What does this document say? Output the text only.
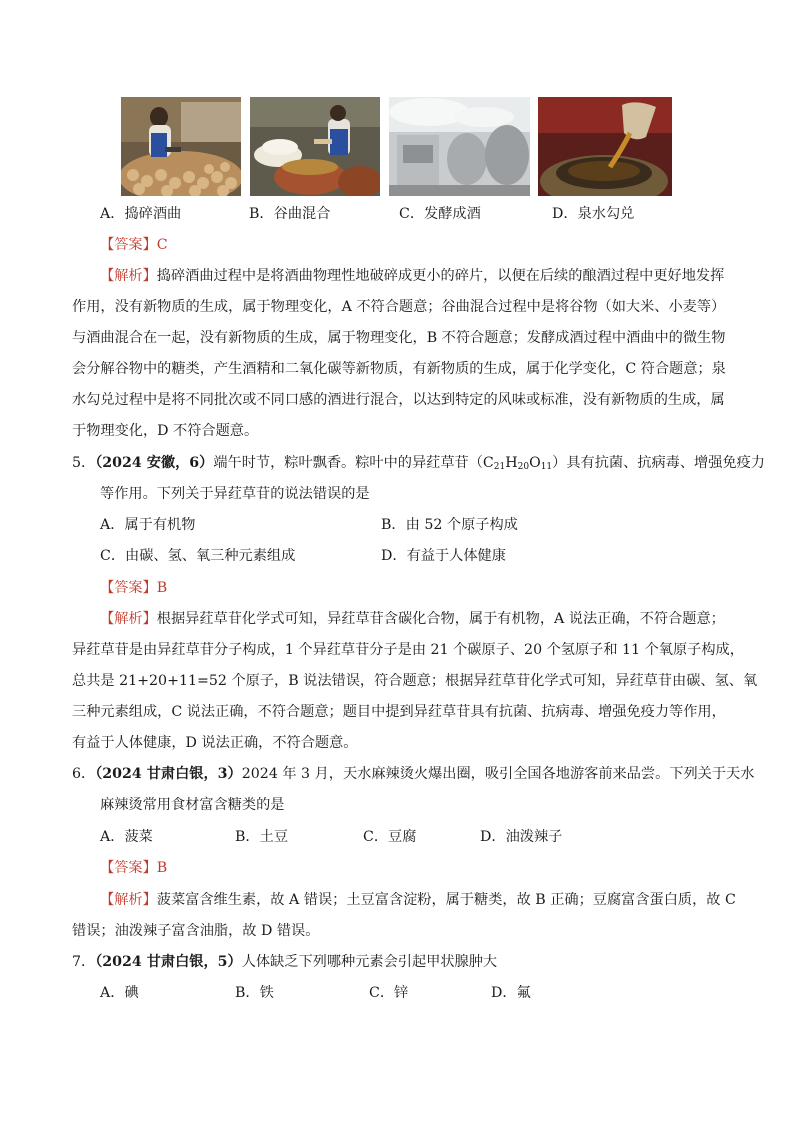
A．捣碎酒曲	B．谷曲混合	C．发酵成酒	D．泉水勾兑
【答案】C
【解析】捣碎酒曲过程中是将酒曲物理性地破碎成更小的碎片，以便在后续的酿酒过程中更好地发挥
作用，没有新物质的生成，属于物理变化，A 不符合题意；谷曲混合过程中是将谷物（如大米、小麦等）
与酒曲混合在一起，没有新物质的生成，属于物理变化，B 不符合题意；发酵成酒过程中酒曲中的微生物
会分解谷物中的糖类，产生酒精和二氧化碳等新物质，有新物质的生成，属于化学变化，C 符合题意；泉
水勾兑过程中是将不同批次或不同口感的酒进行混合，以达到特定的风味或标准，没有新物质的生成，属
于物理变化，D 不符合题意。
5．（2024 安徽，6）端午时节，粽叶飘香。粽叶中的异荭草苷$(C_{21}H_{20}O_{11})$具有抗菌、抗病毒、增强免疫力
等作用。下列关于异荭草苷的说法错误的是
A．属于有机物	B．由 52 个原子构成
C．由碳、氢、氧三种元素组成	D．有益于人体健康
【答案】B
【解析】根据异荭草苷化学式可知，异荭草苷含碳化合物，属于有机物，A 说法正确，不符合题意；
异荭草苷是由异荭草苷分子构成，1 个异荭草苷分子是由 21 个碳原子、20 个氢原子和 11 个氧原子构成，
总共是 21+20+11=52 个原子，B 说法错误，符合题意；根据异荭草苷化学式可知，异荭草苷由碳、氢、氧
三种元素组成，C 说法正确，不符合题意；题目中提到异荭草苷具有抗菌、抗病毒、增强免疫力等作用，
有益于人体健康，D 说法正确，不符合题意。
6．（2024 甘肃白银，3）2024 年 3 月，天水麻辣烫火爆出圈，吸引全国各地游客前来品尝。下列关于天水
麻辣烫常用食材富含糖类的是
A．菠菜	B．土豆	C．豆腐	D．油泼辣子
【答案】B
【解析】菠菜富含维生素，故 A 错误；土豆富含淀粉，属于糖类，故 B 正确；豆腐富含蛋白质，故 C
错误；油泼辣子富含油脂，故 D 错误。
7．（2024 甘肃白银，5）人体缺乏下列哪种元素会引起甲状腺肿大
A．碘	B．铁	C．锌	D．氟
